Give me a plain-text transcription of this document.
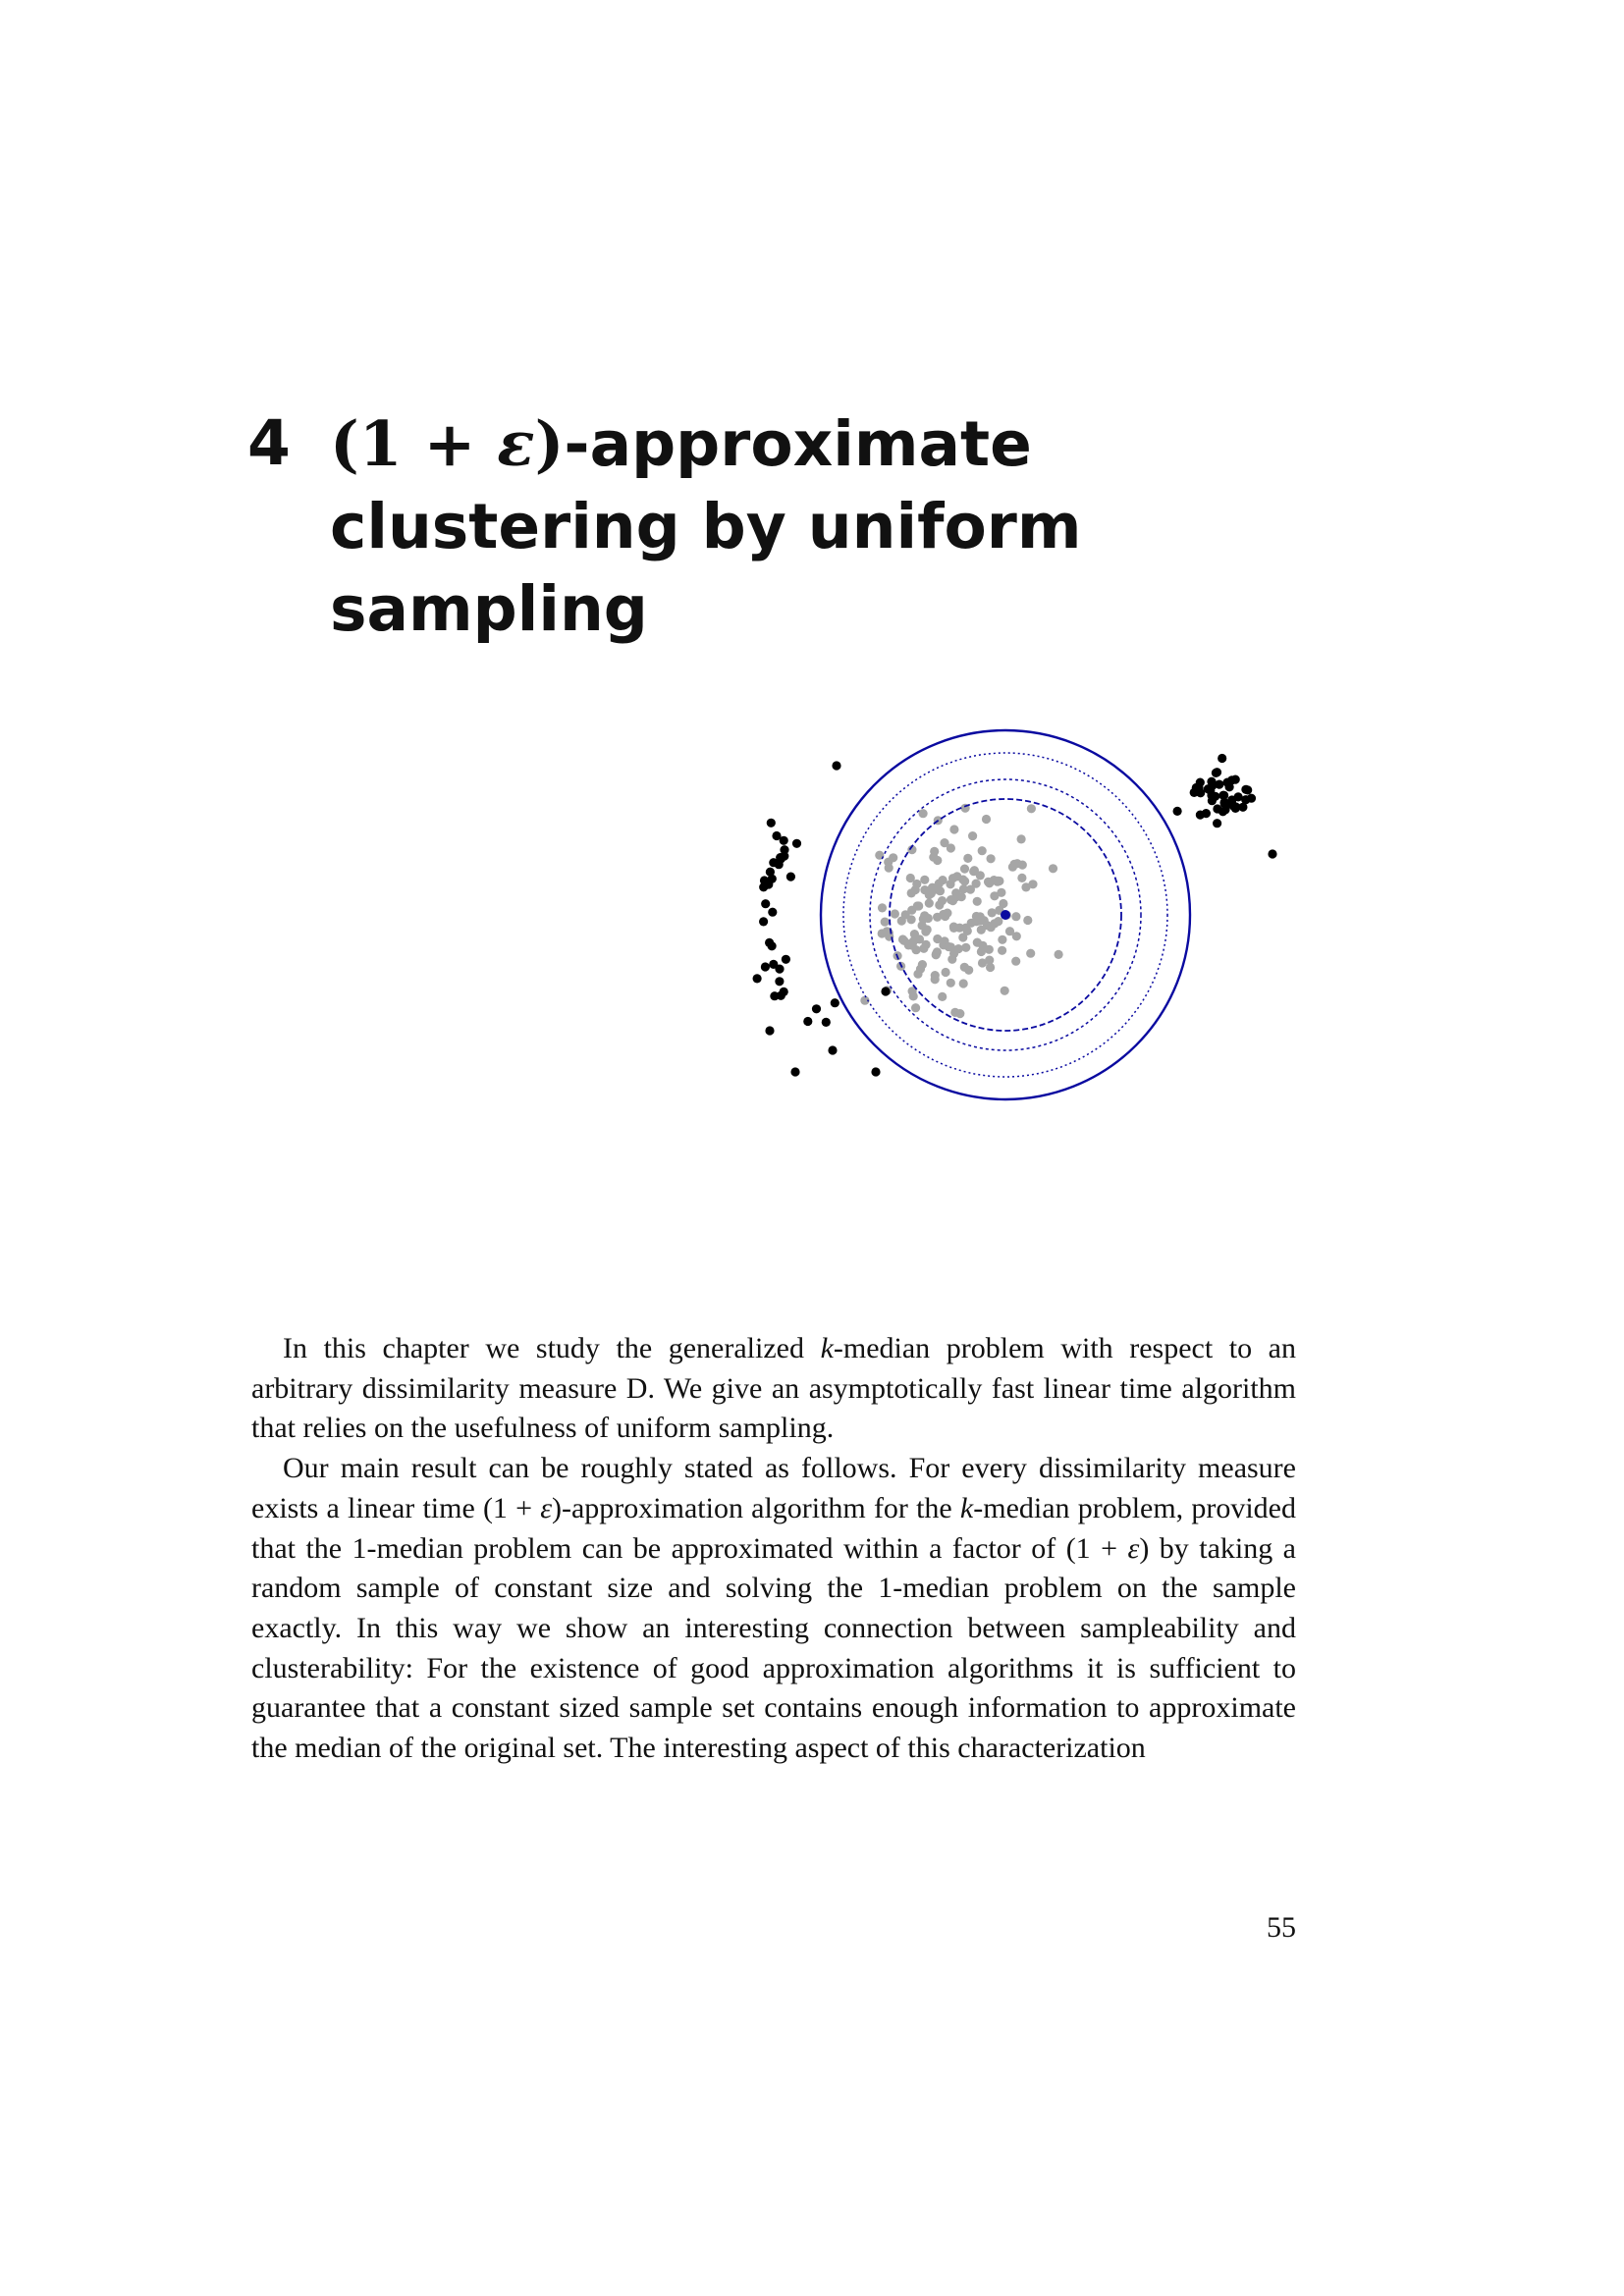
4 (1 + ε)-approximate
clustering by uniform
sampling

In this chapter we study the generalized k-median problem with respect to an arbitrary dissimilarity measure D. We give an asymptotically fast linear time algorithm that relies on the usefulness of uniform sampling.

Our main result can be roughly stated as follows. For every dissimilarity measure exists a linear time (1 + ε)-approximation algorithm for the k-median problem, provided that the 1-median problem can be approximated within a factor of (1 + ε) by taking a random sample of constant size and solving the 1-median problem on the sample exactly. In this way we show an interesting connection between sampleability and clusterability: For the existence of good approximation algorithms it is sufficient to guarantee that a constant sized sample set contains enough information to approximate the median of the original set. The interesting aspect of this characterization

55
